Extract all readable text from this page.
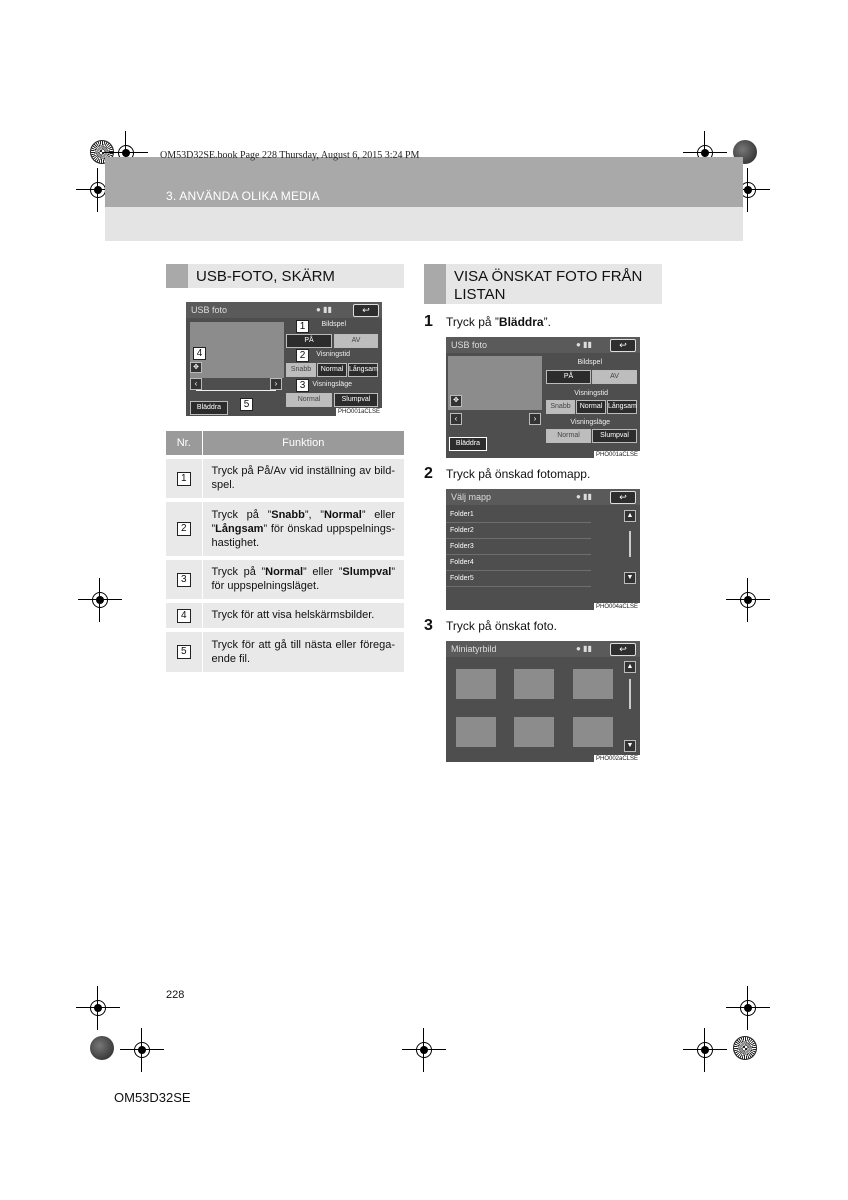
OM53D32SE.book Page 228 Thursday, August 6, 2015 3:24 PM
3. ANVÄNDA OLIKA MEDIA
USB-FOTO, SKÄRM
USB foto	● ▮▮	↩
✥
‹	›
Bildspel
PÅ	AV
Visningstid
Snabb	Normal Långsam
Visningsläge
Normal	Slumpval
Bläddra
PHO001aCLSE
1
2
3
4
5
Nr.	Funktion
1	Tryck på På/Av vid inställning av bild-spel.
2	Tryck på ”Snabb”, ”Normal” eller ”Långsam” för önskad uppspelnings-hastighet.
3	Tryck på ”Normal” eller ”Slumpval” för uppspelningsläget.
4	Tryck för att visa helskärmsbilder.
5	Tryck för att gå till nästa eller förega-ende fil.
VISA ÖNSKAT FOTO FRÅN LISTAN
1	Tryck på ”Bläddra”.
USB foto	● ▮▮	↩
✥
‹	›
Bildspel
PÅ	AV
Visningstid
Snabb	Normal Långsam
Visningsläge
Normal	Slumpval
Bläddra
PHO001aCLSE
2	Tryck på önskad fotomapp.
Välj mapp	● ▮▮	↩
Folder1
Folder2
Folder3
Folder4
Folder5
▲
▼
PHO004aCLSE
3	Tryck på önskat foto.
Miniatyrbild	● ▮▮	↩
▲
▼
PHO002aCLSE
228
OM53D32SE
